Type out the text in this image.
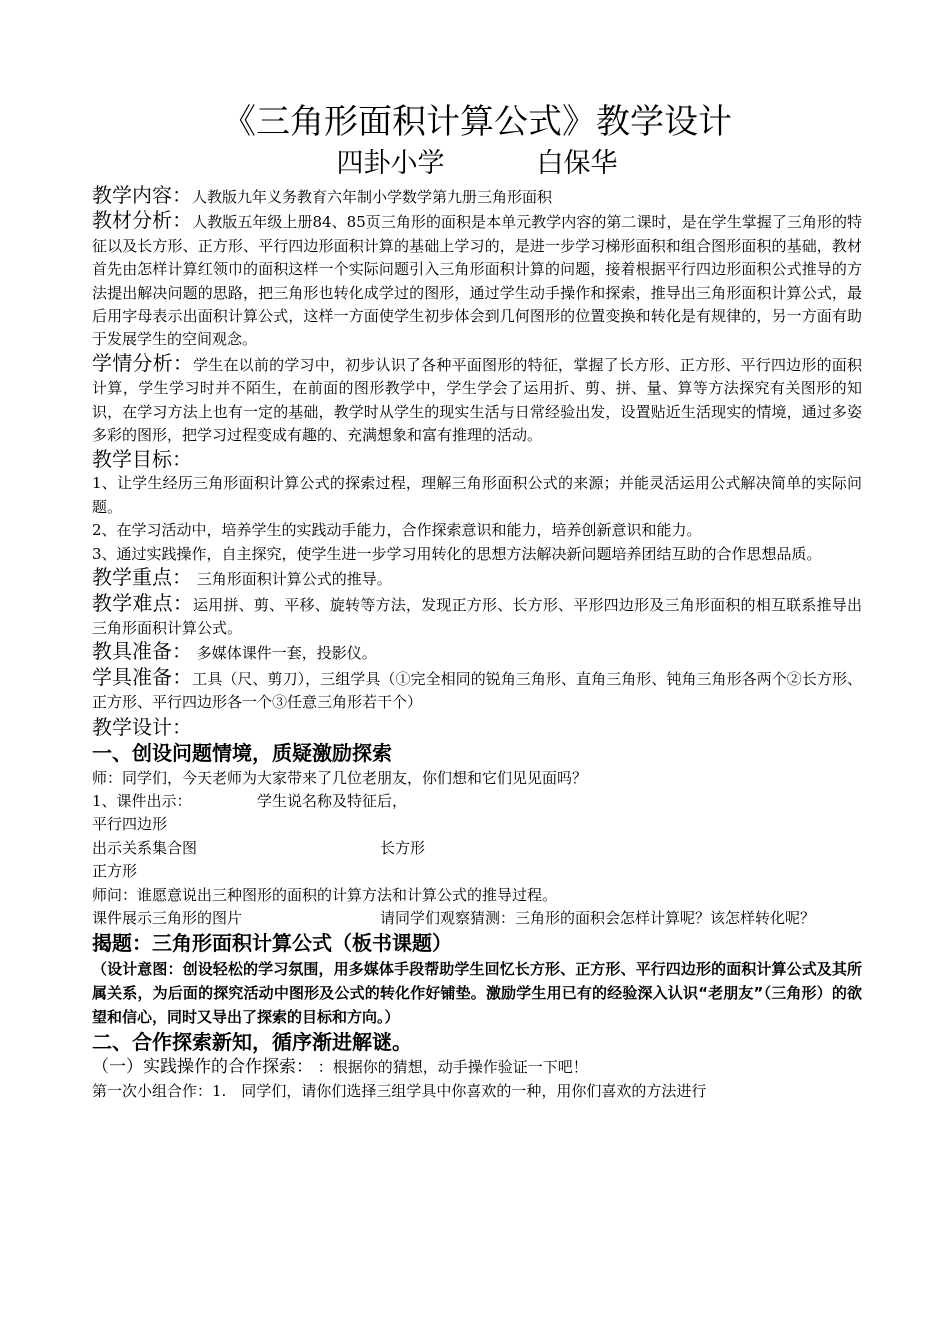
《三角形面积计算公式》教学设计
四卦小学	白保华

教学内容：人教版九年义务教育六年制小学数学第九册三角形面积

教材分析：人教版五年级上册84、85页三角形的面积是本单元教学内容的第二课时，是在学生掌握了三角形的特征以及长方形、正方形、平行四边形面积计算的基础上学习的，是进一步学习梯形面积和组合图形面积的基础，教材首先由怎样计算红领巾的面积这样一个实际问题引入三角形面积计算的问题，接着根据平行四边形面积公式推导的方法提出解决问题的思路，把三角形也转化成学过的图形，通过学生动手操作和探索，推导出三角形面积计算公式，最后用字母表示出面积计算公式，这样一方面使学生初步体会到几何图形的位置变换和转化是有规律的，另一方面有助于发展学生的空间观念。

学情分析：学生在以前的学习中，初步认识了各种平面图形的特征，掌握了长方形、正方形、平行四边形的面积计算，学生学习时并不陌生，在前面的图形教学中，学生学会了运用折、剪、拼、量、算等方法探究有关图形的知识，在学习方法上也有一定的基础，教学时从学生的现实生活与日常经验出发，设置贴近生活现实的情境，通过多姿多彩的图形，把学习过程变成有趣的、充满想象和富有推理的活动。

教学目标：

1、让学生经历三角形面积计算公式的探索过程，理解三角形面积公式的来源；并能灵活运用公式解决简单的实际问题。

2、在学习活动中，培养学生的实践动手能力，合作探索意识和能力，培养创新意识和能力。

3、通过实践操作，自主探究，使学生进一步学习用转化的思想方法解决新问题培养团结互助的合作思想品质。

教学重点： 三角形面积计算公式的推导。

教学难点：运用拼、剪、平移、旋转等方法，发现正方形、长方形、平形四边形及三角形面积的相互联系推导出三角形面积计算公式。

教具准备： 多媒体课件一套，投影仪。

学具准备：工具（尺、剪刀），三组学具（①完全相同的锐角三角形、直角三角形、钝角三角形各两个②长方形、正方形、平行四边形各一个③任意三角形若干个）

教学设计：

一、创设问题情境，质疑激励探索

师：同学们，今天老师为大家带来了几位老朋友，你们想和它们见见面吗？

1、课件出示：	学生说名称及特征后，

平行四边形

出示关系集合图	长方形

正方形

师问：谁愿意说出三种图形的面积的计算方法和计算公式的推导过程。

课件展示三角形的图片	请同学们观察猜测：三角形的面积会怎样计算呢？该怎样转化呢？

揭题：三角形面积计算公式（板书课题）

（设计意图：创设轻松的学习氛围，用多媒体手段帮助学生回忆长方形、正方形、平行四边形的面积计算公式及其所属关系，为后面的探究活动中图形及公式的转化作好铺垫。激励学生用已有的经验深入认识“老朋友”（三角形）的欲望和信心，同时又导出了探索的目标和方向。）

二、合作探索新知，循序渐进解谜。

（一）实践操作的合作探索： ：根据你的猜想，动手操作验证一下吧！

第一次小组合作：1.　同学们，请你们选择三组学具中你喜欢的一种，用你们喜欢的方法进行
